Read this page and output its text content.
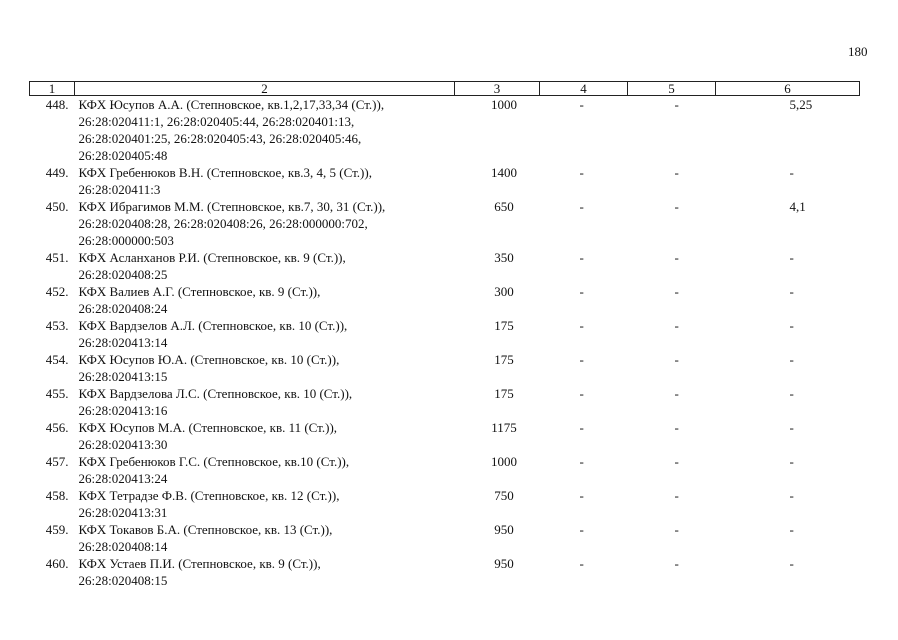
180
1	2	3	4	5	6
448.	КФХ Юсупов А.А. (Степновское, кв.1,2,17,33,34 (Ст.)),
26:28:020411:1, 26:28:020405:44, 26:28:020401:13,
26:28:020401:25, 26:28:020405:43, 26:28:020405:46,
26:28:020405:48	1000	-	-	5,25
449.	КФХ Гребенюков В.Н. (Степновское, кв.3, 4, 5 (Ст.)),
26:28:020411:3	1400	-	-	-
450.	КФХ Ибрагимов М.М. (Степновское, кв.7, 30, 31 (Ст.)),
26:28:020408:28, 26:28:020408:26, 26:28:000000:702,
26:28:000000:503	650	-	-	4,1
451.	КФХ Асланханов Р.И. (Степновское, кв. 9 (Ст.)),
26:28:020408:25	350	-	-	-
452.	КФХ Валиев А.Г. (Степновское, кв. 9 (Ст.)),
26:28:020408:24	300	-	-	-
453.	КФХ Вардзелов А.Л. (Степновское, кв. 10 (Ст.)),
26:28:020413:14	175	-	-	-
454.	КФХ Юсупов Ю.А. (Степновское, кв. 10 (Ст.)),
26:28:020413:15	175	-	-	-
455.	КФХ Вардзелова Л.С. (Степновское, кв. 10 (Ст.)),
26:28:020413:16	175	-	-	-
456.	КФХ Юсупов М.А. (Степновское, кв. 11 (Ст.)),
26:28:020413:30	1175	-	-	-
457.	КФХ Гребенюков Г.С. (Степновское, кв.10 (Ст.)),
26:28:020413:24	1000	-	-	-
458.	КФХ Тетрадзе Ф.В. (Степновское, кв. 12 (Ст.)),
26:28:020413:31	750	-	-	-
459.	КФХ Токавов Б.А. (Степновское, кв. 13 (Ст.)),
26:28:020408:14	950	-	-	-
460.	КФХ Устаев П.И. (Степновское, кв. 9 (Ст.)),
26:28:020408:15	950	-	-	-
